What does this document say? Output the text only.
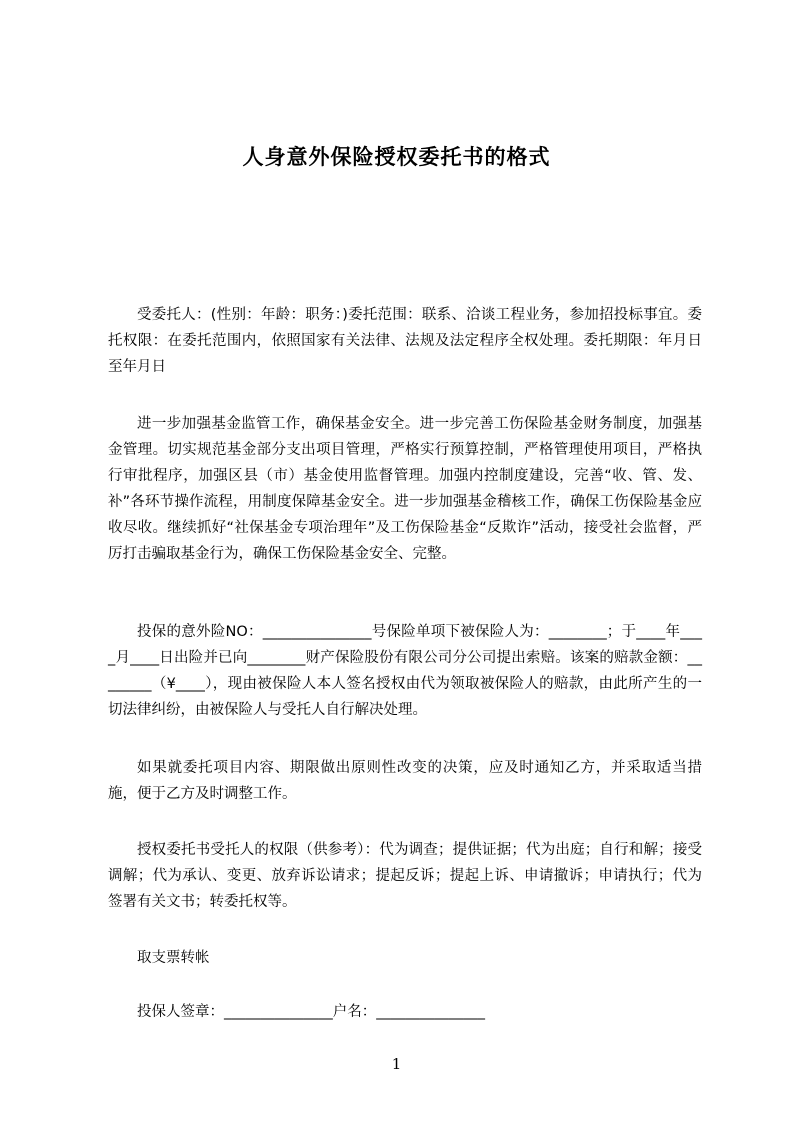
人身意外保险授权委托书的格式

受委托人：(性别：年龄：职务：)委托范围：联系、洽谈工程业务，参加招投标事宜。委托权限：在委托范围内，依照国家有关法律、法规及法定程序全权处理。委托期限：年月日至年月日

进一步加强基金监管工作，确保基金安全。进一步完善工伤保险基金财务制度，加强基金管理。切实规范基金部分支出项目管理，严格实行预算控制，严格管理使用项目，严格执行审批程序，加强区县（市）基金使用监督管理。加强内控制度建设，完善“收、管、发、补”各环节操作流程，用制度保障基金安全。进一步加强基金稽核工作，确保工伤保险基金应收尽收。继续抓好“社保基金专项治理年”及工伤保险基金“反欺诈”活动，接受社会监督，严厉打击骗取基金行为，确保工伤保险基金安全、完整。

投保的意外险NO：_______________号保险单项下被保险人为：________；于____年____月____日出险并已向________财产保险股份有限公司分公司提出索赔。该案的赔款金额：________（¥____），现由被保险人本人签名授权由代为领取被保险人的赔款，由此所产生的一切法律纠纷，由被保险人与受托人自行解决处理。

如果就委托项目内容、期限做出原则性改变的决策，应及时通知乙方，并采取适当措施，便于乙方及时调整工作。

授权委托书受托人的权限（供参考）：代为调查；提供证据；代为出庭；自行和解；接受调解；代为承认、变更、放弃诉讼请求；提起反诉；提起上诉、申请撤诉；申请执行；代为签署有关文书；转委托权等。

取支票转帐

投保人签章：_______________户名：_______________

1
